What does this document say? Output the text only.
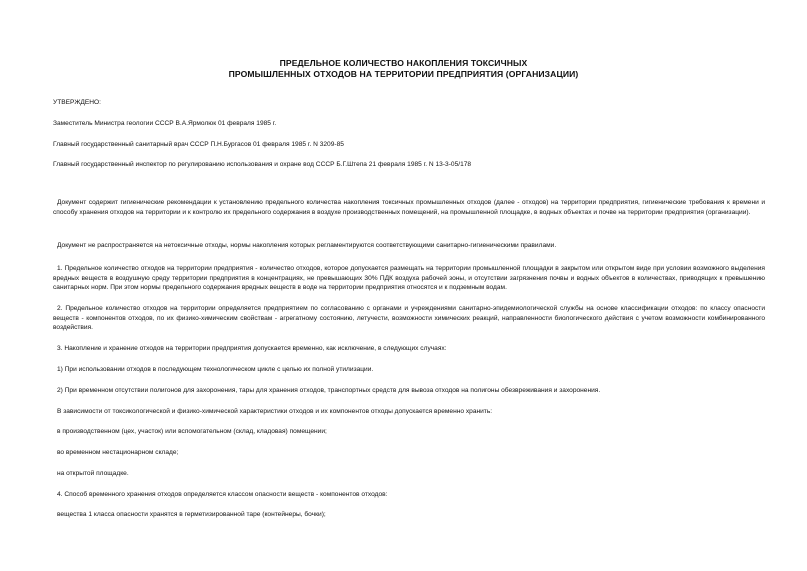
ПРЕДЕЛЬНОЕ КОЛИЧЕСТВО НАКОПЛЕНИЯ ТОКСИЧНЫХ
ПРОМЫШЛЕННЫХ ОТХОДОВ НА ТЕРРИТОРИИ ПРЕДПРИЯТИЯ (ОРГАНИЗАЦИИ)
УТВЕРЖДЕНО:
Заместитель Министра геологии СССР В.А.Ярмолюк 01 февраля 1985 г.
Главный государственный санитарный врач СССР П.Н.Бургасов 01 февраля 1985 г. N 3209-85
Главный государственный инспектор по регулированию использования и охране вод СССР Б.Г.Штепа 21 февраля 1985 г. N 13-3-05/178
Документ содержит гигиенические рекомендации к установлению предельного количества накопления токсичных промышленных отходов (далее - отходов) на территории предприятия, гигиенические требования к времени и способу хранения отходов на территории и к контролю их предельного содержания в воздухе производственных помещений, на промышленной площадке, в водных объектах и почве на территории предприятия (организации).
Документ не распространяется на нетоксичные отходы, нормы накопления которых регламентируются соответствующими санитарно-гигиеническими правилами.
1. Предельное количество отходов на территории предприятия - количество отходов, которое допускается размещать на территории промышленной площадки в закрытом или открытом виде при условии возможного выделения вредных веществ в воздушную среду территории предприятия в концентрациях, не превышающих 30% ПДК воздуха рабочей зоны, и отсутствии загрязнения почвы и водных объектов в количествах, приводящих к превышению санитарных норм. При этом нормы предельного содержания вредных веществ в воде на территории предприятия относятся и к подземным водам.
2. Предельное количество отходов на территории определяется предприятием по согласованию с органами и учреждениями санитарно-эпидемиологической службы на основе классификации отходов: по классу опасности веществ - компонентов отходов, по их физико-химическим свойствам - агрегатному состоянию, летучести, возможности химических реакций, направленности биологического действия с учетом возможности комбинированного воздействия.
3. Накопление и хранение отходов на территории предприятия допускается временно, как исключение, в следующих случаях:
1) При использовании отходов в последующем технологическом цикле с целью их полной утилизации.
2) При временном отсутствии полигонов для захоронения, тары для хранения отходов, транспортных средств для вывоза отходов на полигоны обезвреживания и захоронения.
В зависимости от токсикологической и физико-химической характеристики отходов и их компонентов отходы допускается временно хранить:
в производственном (цех, участок) или вспомогательном (склад, кладовая) помещении;
во временном нестационарном складе;
на открытой площадке.
4. Способ временного хранения отходов определяется классом опасности веществ - компонентов отходов:
вещества 1 класса опасности хранятся в герметизированной таре (контейнеры, бочки);
